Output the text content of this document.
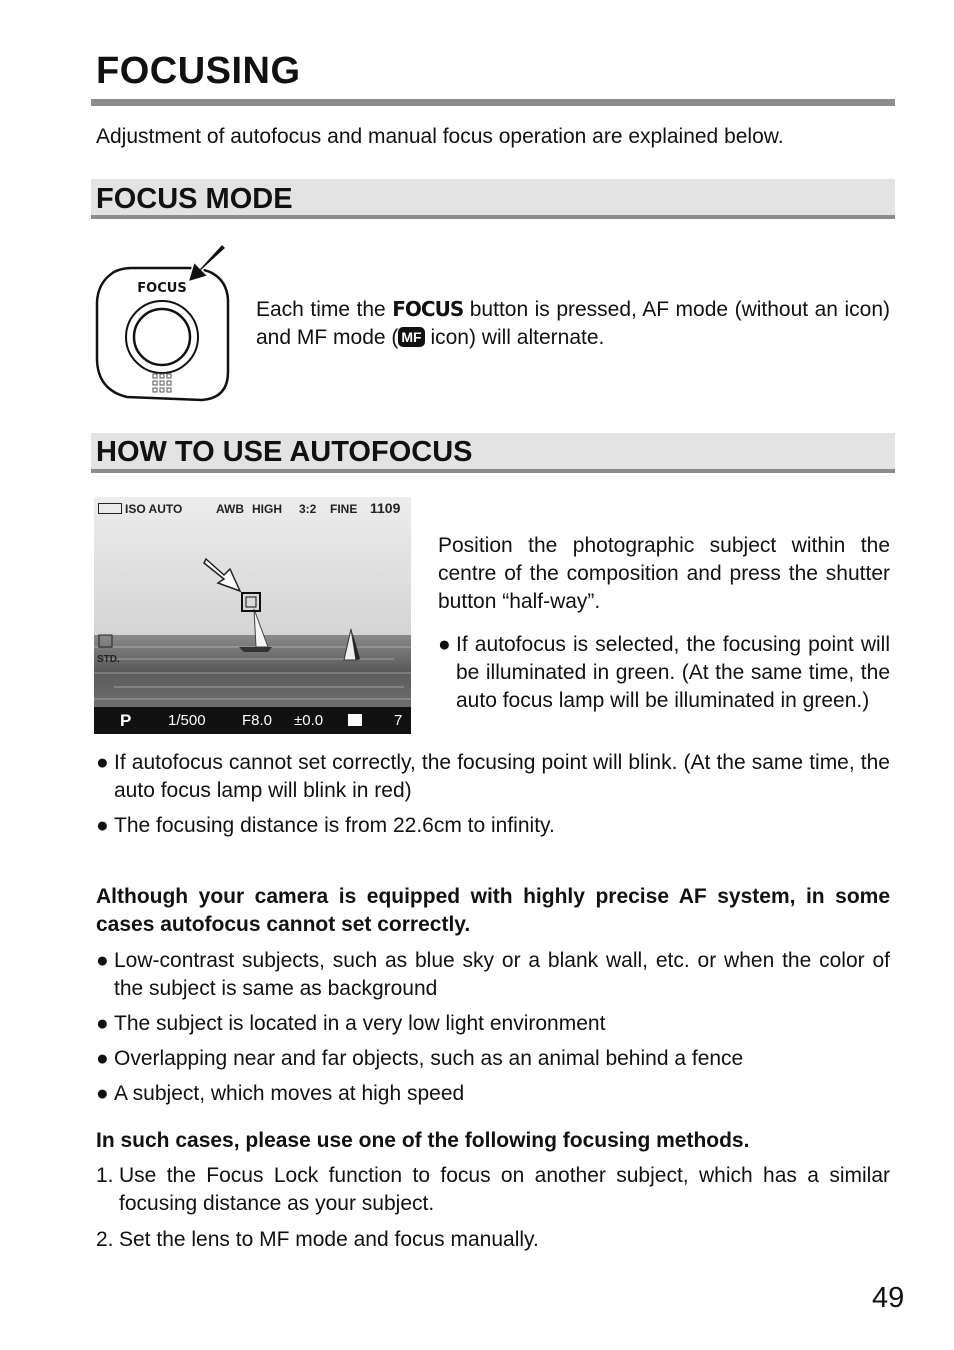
FOCUSING
Adjustment of autofocus and manual focus operation are explained below.
FOCUS MODE
FOCUS
Each time the FOCUS button is pressed, AF mode (without an icon) and MF mode ( MF icon) will alternate.
HOW TO USE AUTOFOCUS
ISO AUTO	AWB HIGH 3:2 FINE 1109
STD.
P 1/500 F8.0 ±0.0	7
Position the photographic subject within the centre of the composition and press the shutter button “half-way”.
● If autofocus is selected, the focusing point will be illuminated in green. (At the same time, the auto focus lamp will be illuminated in green.)
● If autofocus cannot set correctly, the focusing point will blink. (At the same time, the auto focus lamp will blink in red)
● The focusing distance is from 22.6cm to infinity.
Although your camera is equipped with highly precise AF system, in some cases autofocus cannot set correctly.
● Low-contrast subjects, such as blue sky or a blank wall, etc. or when the color of the subject is same as background
● The subject is located in a very low light environment
● Overlapping near and far objects, such as an animal behind a fence
● A subject, which moves at high speed
In such cases, please use one of the following focusing methods.
1. Use the Focus Lock function to focus on another subject, which has a similar focusing distance as your subject.
2. Set the lens to MF mode and focus manually.
49
